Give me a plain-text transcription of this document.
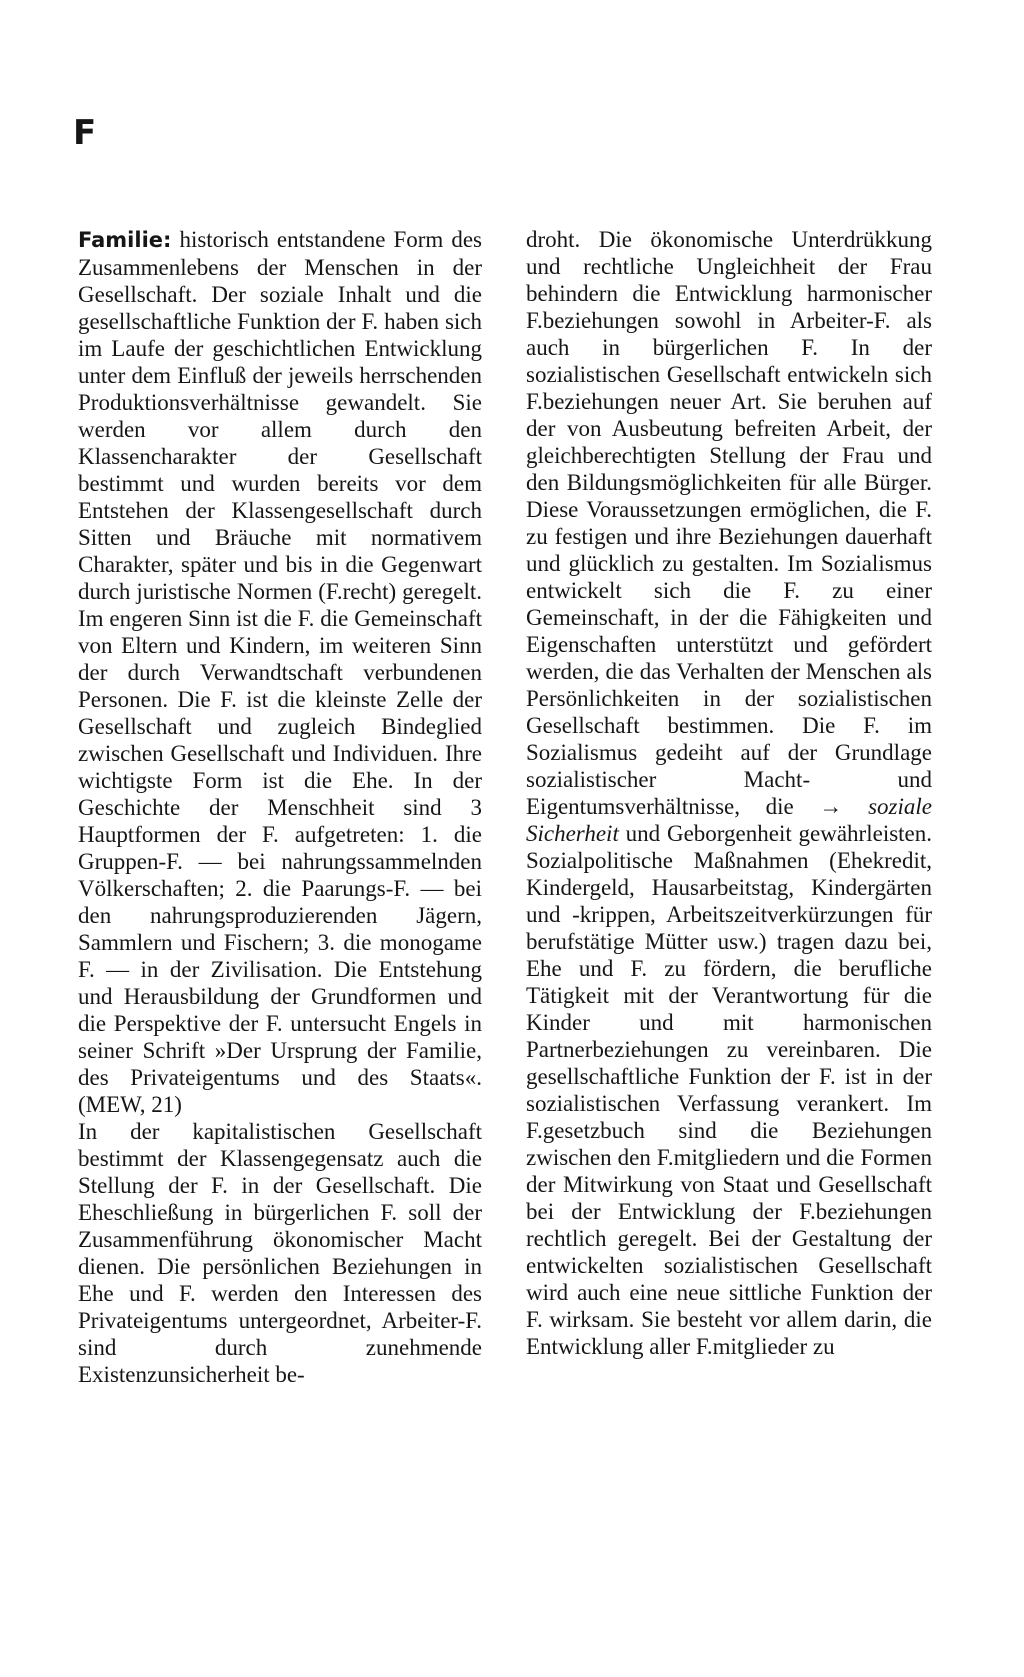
F

Familie: historisch entstandene Form des Zusammenlebens der Menschen in der Gesellschaft. Der soziale Inhalt und die gesellschaftliche Funktion der F. haben sich im Laufe der geschichtlichen Entwicklung unter dem Einfluß der jeweils herrschenden Produktionsverhältnisse gewandelt. Sie werden vor allem durch den Klassencharakter der Gesellschaft bestimmt und wurden bereits vor dem Entstehen der Klassengesellschaft durch Sitten und Bräuche mit normativem Charakter, später und bis in die Gegenwart durch juristische Normen (F.recht) geregelt. Im engeren Sinn ist die F. die Gemeinschaft von Eltern und Kindern, im weiteren Sinn der durch Verwandtschaft verbundenen Personen. Die F. ist die kleinste Zelle der Gesellschaft und zugleich Bindeglied zwischen Gesellschaft und Individuen. Ihre wichtigste Form ist die Ehe. In der Geschichte der Menschheit sind 3 Hauptformen der F. aufgetreten: 1. die Gruppen-F. — bei nahrungssammelnden Völkerschaften; 2. die Paarungs-F. — bei den nahrungsproduzierenden Jägern, Sammlern und Fischern; 3. die monogame F. — in der Zivilisation. Die Entstehung und Herausbildung der Grundformen und die Perspektive der F. untersucht Engels in seiner Schrift »Der Ursprung der Familie, des Privateigentums und des Staats«. (MEW, 21)

In der kapitalistischen Gesellschaft bestimmt der Klassengegensatz auch die Stellung der F. in der Gesellschaft. Die Eheschließung in bürgerlichen F. soll der Zusammenführung ökonomischer Macht dienen. Die persönlichen Beziehungen in Ehe und F. werden den Interessen des Privateigentums untergeordnet, Arbeiter-F. sind durch zunehmende Existenzunsicherheit be-

droht. Die ökonomische Unterdrükkung und rechtliche Ungleichheit der Frau behindern die Entwicklung harmonischer F.beziehungen sowohl in Arbeiter-F. als auch in bürgerlichen F. In der sozialistischen Gesellschaft entwickeln sich F.beziehungen neuer Art. Sie beruhen auf der von Ausbeutung befreiten Arbeit, der gleichberechtigten Stellung der Frau und den Bildungsmöglichkeiten für alle Bürger. Diese Voraussetzungen ermöglichen, die F. zu festigen und ihre Beziehungen dauerhaft und glücklich zu gestalten. Im Sozialismus entwickelt sich die F. zu einer Gemeinschaft, in der die Fähigkeiten und Eigenschaften unterstützt und gefördert werden, die das Verhalten der Menschen als Persönlichkeiten in der sozialistischen Gesellschaft bestimmen. Die F. im Sozialismus gedeiht auf der Grundlage sozialistischer Macht- und Eigentumsverhältnisse, die → soziale Sicherheit und Geborgenheit gewährleisten. Sozialpolitische Maßnahmen (Ehekredit, Kindergeld, Hausarbeitstag, Kindergärten und -krippen, Arbeitszeitverkürzungen für berufstätige Mütter usw.) tragen dazu bei, Ehe und F. zu fördern, die berufliche Tätigkeit mit der Verantwortung für die Kinder und mit harmonischen Partnerbeziehungen zu vereinbaren. Die gesellschaftliche Funktion der F. ist in der sozialistischen Verfassung verankert. Im F.gesetzbuch sind die Beziehungen zwischen den F.mitgliedern und die Formen der Mitwirkung von Staat und Gesellschaft bei der Entwicklung der F.beziehungen rechtlich geregelt. Bei der Gestaltung der entwickelten sozialistischen Gesellschaft wird auch eine neue sittliche Funktion der F. wirksam. Sie besteht vor allem darin, die Entwicklung aller F.mitglieder zu
